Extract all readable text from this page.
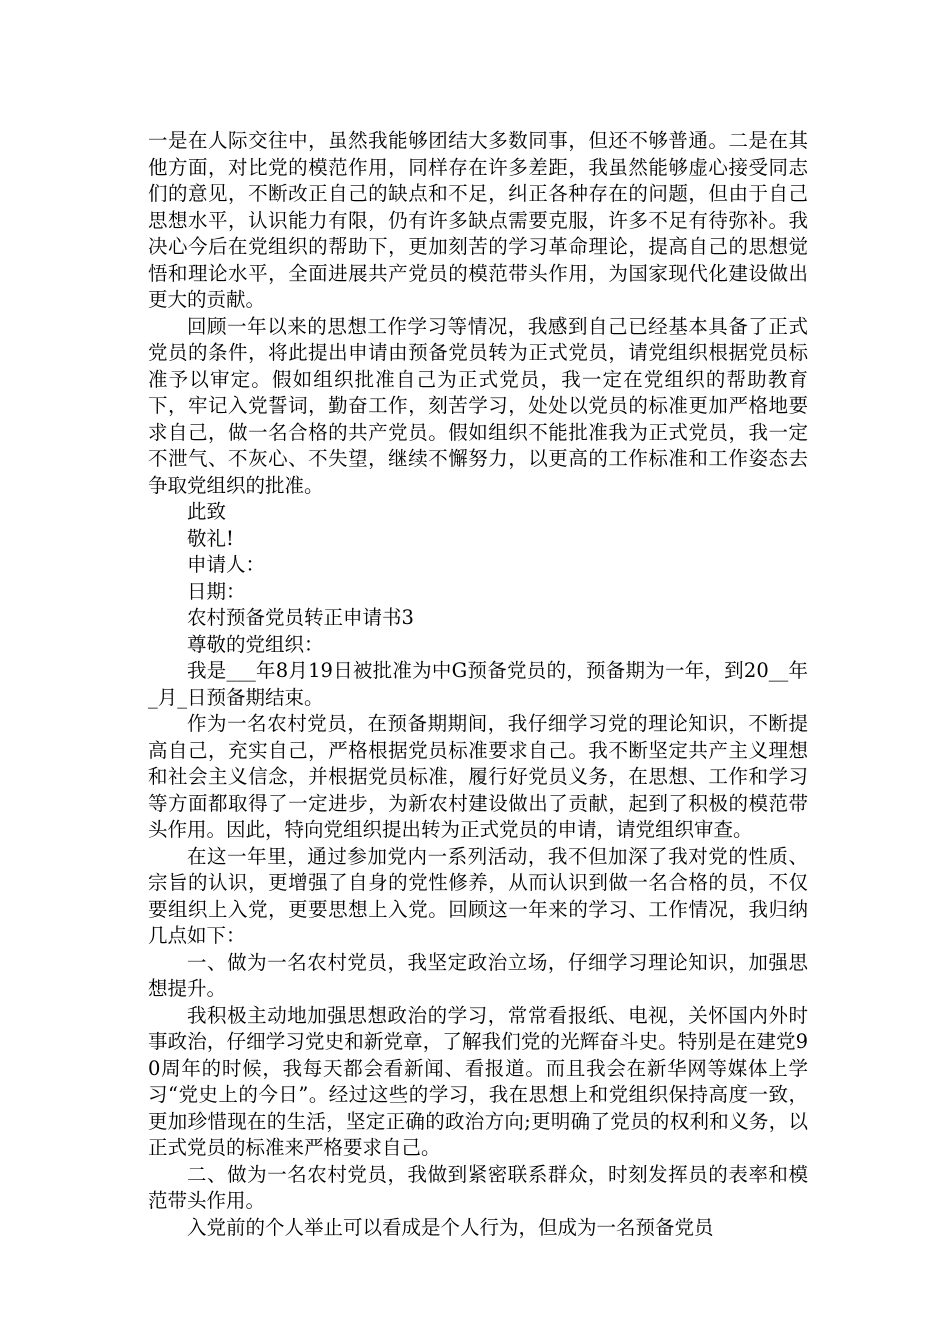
一是在人际交往中，虽然我能够团结大多数同事，但还不够普通。二是在其他方面，对比党的模范作用，同样存在许多差距，我虽然能够虚心接受同志们的意见，不断改正自己的缺点和不足，纠正各种存在的问题，但由于自己思想水平，认识能力有限，仍有许多缺点需要克服，许多不足有待弥补。我决心今后在党组织的帮助下，更加刻苦的学习革命理论，提高自己的思想觉悟和理论水平，全面进展共产党员的模范带头作用，为国家现代化建设做出更大的贡献。

回顾一年以来的思想工作学习等情况，我感到自己已经基本具备了正式党员的条件，将此提出申请由预备党员转为正式党员，请党组织根据党员标准予以审定。假如组织批准自己为正式党员，我一定在党组织的帮助教育下，牢记入党誓词，勤奋工作，刻苦学习，处处以党员的标准更加严格地要求自己，做一名合格的共产党员。假如组织不能批准我为正式党员，我一定不泄气、不灰心、不失望，继续不懈努力，以更高的工作标准和工作姿态去争取党组织的批准。

此致

敬礼!

申请人：

日期：

农村预备党员转正申请书3

尊敬的党组织：

我是___年8月19日被批准为中G预备党员的，预备期为一年，到20__年_月_日预备期结束。

作为一名农村党员，在预备期期间，我仔细学习党的理论知识，不断提高自己，充实自己，严格根据党员标准要求自己。我不断坚定共产主义理想和社会主义信念，并根据党员标准，履行好党员义务，在思想、工作和学习等方面都取得了一定进步，为新农村建设做出了贡献，起到了积极的模范带头作用。因此，特向党组织提出转为正式党员的申请，请党组织审查。

在这一年里，通过参加党内一系列活动，我不但加深了我对党的性质、宗旨的认识，更增强了自身的党性修养，从而认识到做一名合格的员，不仅要组织上入党，更要思想上入党。回顾这一年来的学习、工作情况，我归纳几点如下：

一、做为一名农村党员，我坚定政治立场，仔细学习理论知识，加强思想提升。

我积极主动地加强思想政治的学习，常常看报纸、电视，关怀国内外时事政治，仔细学习党史和新党章，了解我们党的光辉奋斗史。特别是在建党90周年的时候，我每天都会看新闻、看报道。而且我会在新华网等媒体上学习“党史上的今日”。经过这些的学习，我在思想上和党组织保持高度一致，更加珍惜现在的生活，坚定正确的政治方向;更明确了党员的权利和义务，以正式党员的标准来严格要求自己。

二、做为一名农村党员，我做到紧密联系群众，时刻发挥员的表率和模范带头作用。

入党前的个人举止可以看成是个人行为，但成为一名预备党员
